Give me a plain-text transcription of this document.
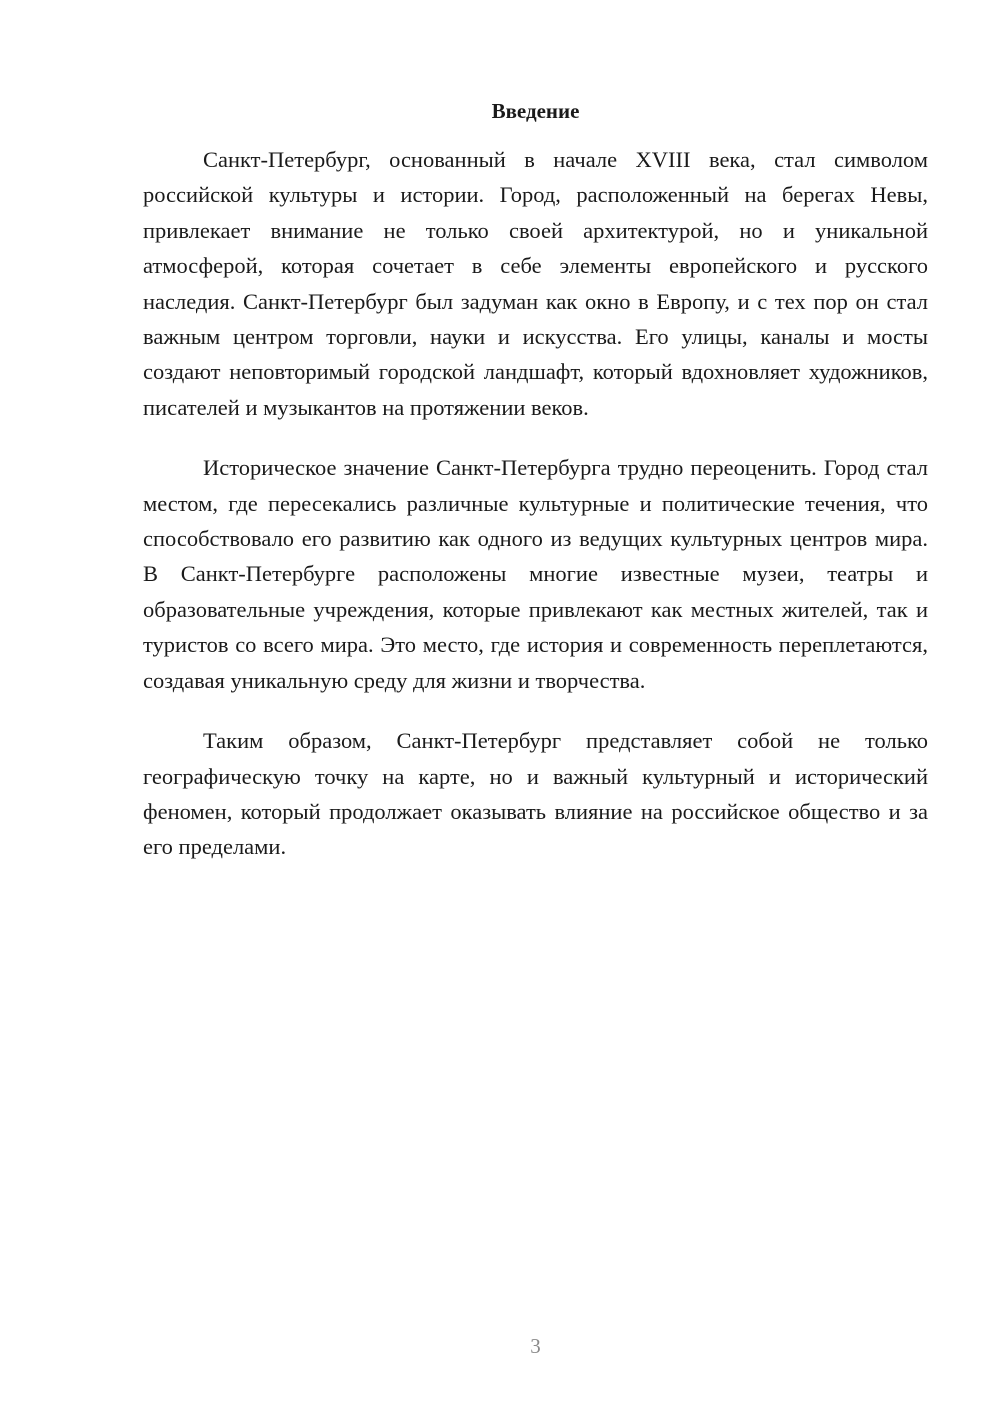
Введение

Санкт-Петербург, основанный в начале XVIII века, стал символом российской культуры и истории. Город, расположенный на берегах Невы, привлекает внимание не только своей архитектурой, но и уникальной атмосферой, которая сочетает в себе элементы европейского и русского наследия. Санкт-Петербург был задуман как окно в Европу, и с тех пор он стал важным центром торговли, науки и искусства. Его улицы, каналы и мосты создают неповторимый городской ландшафт, который вдохновляет художников, писателей и музыкантов на протяжении веков.

Историческое значение Санкт-Петербурга трудно переоценить. Город стал местом, где пересекались различные культурные и политические течения, что способствовало его развитию как одного из ведущих культурных центров мира. В Санкт-Петербурге расположены многие известные музеи, театры и образовательные учреждения, которые привлекают как местных жителей, так и туристов со всего мира. Это место, где история и современность переплетаются, создавая уникальную среду для жизни и творчества.

Таким образом, Санкт-Петербург представляет собой не только географическую точку на карте, но и важный культурный и исторический феномен, который продолжает оказывать влияние на российское общество и за его пределами.

3
